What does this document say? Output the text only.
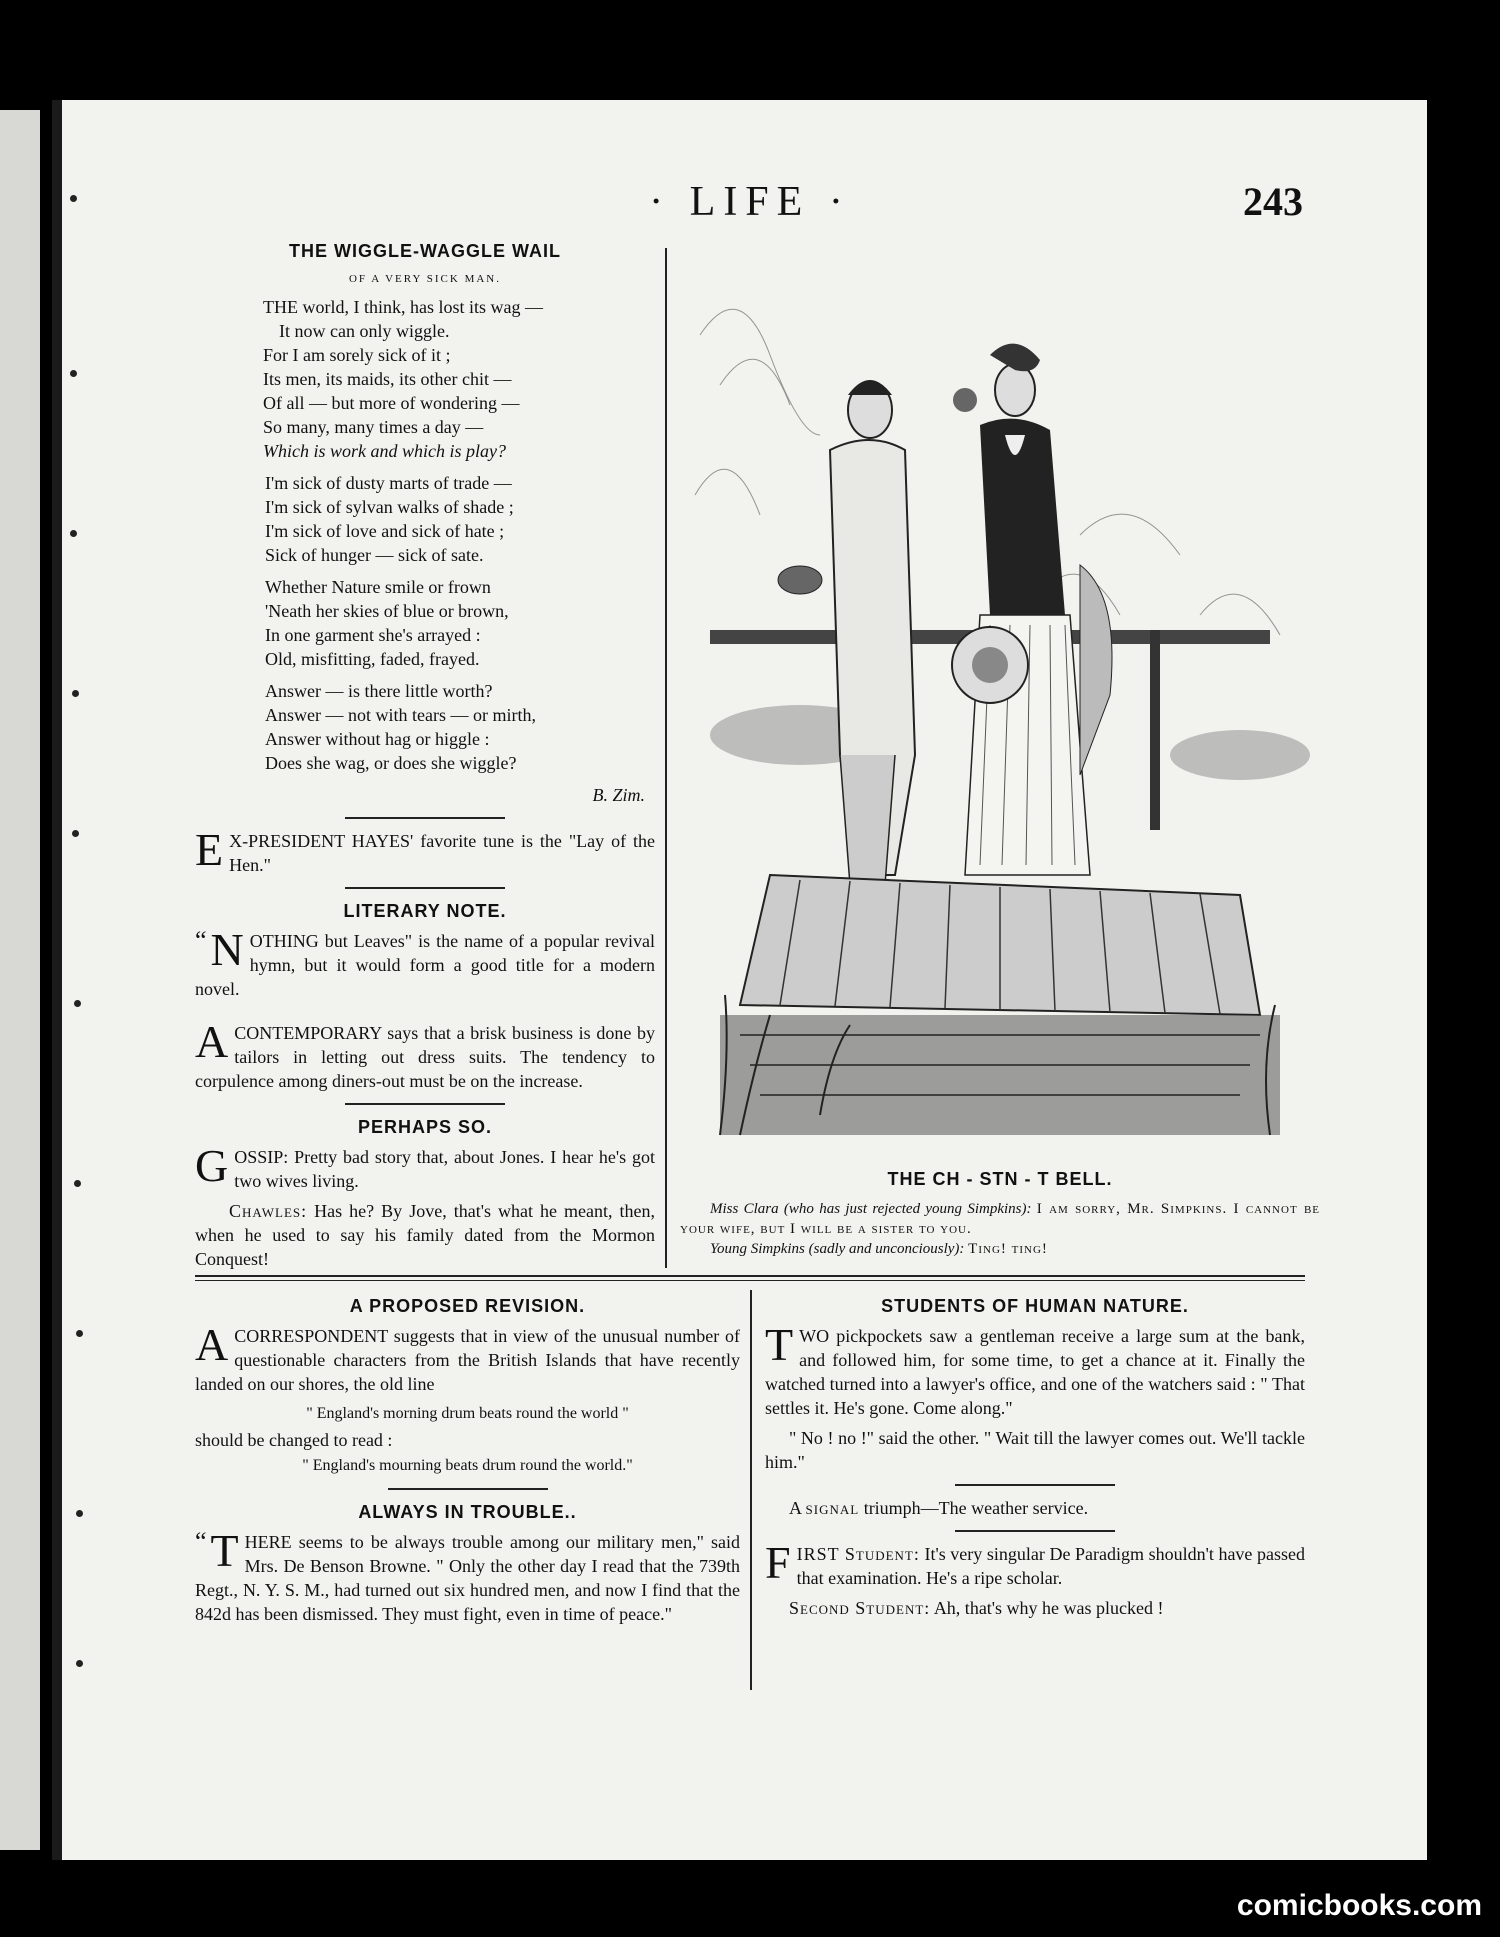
· LIFE ·	243
THE WIGGLE-WAGGLE WAIL
OF A VERY SICK MAN.
THE world, I think, has lost its wag —
It now can only wiggle.
For I am sorely sick of it ;
Its men, its maids, its other chit —
Of all — but more of wondering —
So many, many times a day —
Which is work and which is play?
I'm sick of dusty marts of trade —
I'm sick of sylvan walks of shade ;
I'm sick of love and sick of hate ;
Sick of hunger — sick of sate.
Whether Nature smile or frown
'Neath her skies of blue or brown,
In one garment she's arrayed :
Old, misfitting, faded, frayed.
Answer — is there little worth?
Answer — not with tears — or mirth,
Answer without hag or higgle :
Does she wag, or does she wiggle?
B. Zim.
E X-PRESIDENT HAYES' favorite tune is the "Lay of the Hen."
LITERARY NOTE.
“ N OTHING but Leaves" is the name of a popular revival hymn, but it would form a good title for a modern novel.
ACONTEMPORARY says that a brisk business is done by tailors in letting out dress suits. The tendency to corpulence among diners-out must be on the increase.
PERHAPS SO.
GOSSIP: Pretty bad story that, about Jones. I hear he's got two wives living.
Chawles: Has he? By Jove, that's what he meant, then, when he used to say his family dated from the Mormon Conquest!
THE CH - STN - T BELL.
Miss Clara (who has just rejected young Simpkins): I am sorry, Mr. Simpkins. I cannot be your wife, but I will be a sister to you.
Young Simpkins (sadly and unconciously): Ting! ting!
A PROPOSED REVISION.
ACORRESPONDENT suggests that in view of the unusual number of questionable characters from the British Islands that have recently landed on our shores, the old line
" England's morning drum beats round the world "
should be changed to read :
" England's mourning beats drum round the world."
ALWAYS IN TROUBLE..
“ T HERE seems to be always trouble among our military men," said Mrs. De Benson Browne. " Only the other day I read that the 739th Regt., N. Y. S. M., had turned out six hundred men, and now I find that the 842d has been dismissed. They must fight, even in time of peace."
STUDENTS OF HUMAN NATURE.
TWO pickpockets saw a gentleman receive a large sum at the bank, and followed him, for some time, to get a chance at it. Finally the watched turned into a lawyer's office, and one of the watchers said : " That settles it. He's gone. Come along."
" No ! no !" said the other. " Wait till the lawyer comes out. We'll tackle him."
A signal triumph—The weather service.
FIRST Student: It's very singular De Paradigm shouldn't have passed that examination. He's a ripe scholar.
Second Student: Ah, that's why he was plucked !
comicbooks.com
